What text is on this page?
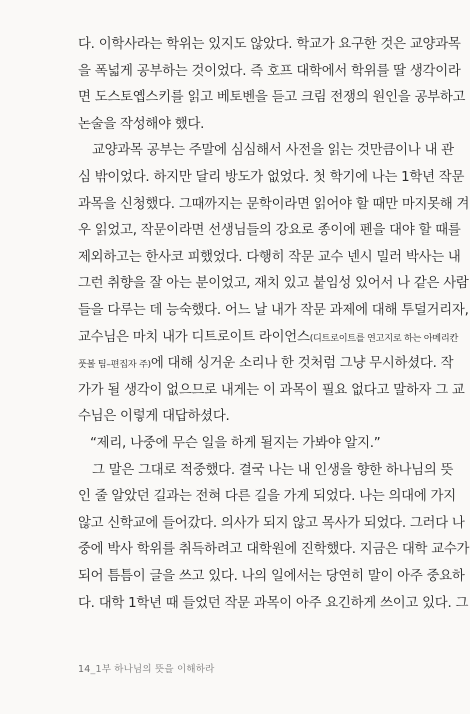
다. 이학사라는 학위는 있지도 않았다. 학교가 요구한 것은 교양과목
을 폭넓게 공부하는 것이었다. 즉 호프 대학에서 학위를 딸 생각이라
면 도스토옙스키를 읽고 베토벤을 듣고 크림 전쟁의 원인을 공부하고
논술을 작성해야 했다.
교양과목 공부는 주말에 심심해서 사전을 읽는 것만큼이나 내 관
심 밖이었다. 하지만 달리 방도가 없었다. 첫 학기에 나는 1학년 작문
과목을 신청했다. 그때까지는 문학이라면 읽어야 할 때만 마지못해 겨
우 읽었고, 작문이라면 선생님들의 강요로 종이에 펜을 대야 할 때를
제외하고는 한사코 피했었다. 다행히 작문 교수 넨시 밀러 박사는 내
그런 취향을 잘 아는 분이었고, 재치 있고 붙임성 있어서 나 같은 사람
들을 다루는 데 능숙했다. 어느 날 내가 작문 과제에 대해 투덜거리자,
교수님은 마치 내가 디트로이트 라이언스(디트로이트를 연고지로 하는 아메리칸
풋볼 팀–편집자 주)에 대해 싱거운 소리나 한 것처럼 그냥 무시하셨다. 작
가가 될 생각이 없으므로 내게는 이 과목이 필요 없다고 말하자 그 교
수님은 이렇게 대답하셨다.
“제리, 나중에 무슨 일을 하게 될지는 가봐야 알지.”
그 말은 그대로 적중했다. 결국 나는 내 인생을 향한 하나님의 뜻
인 줄 알았던 길과는 전혀 다른 길을 가게 되었다. 나는 의대에 가지
않고 신학교에 들어갔다. 의사가 되지 않고 목사가 되었다. 그러다 나
중에 박사 학위를 취득하려고 대학원에 진학했다. 지금은 대학 교수가
되어 틈틈이 글을 쓰고 있다. 나의 일에서는 당연히 말이 아주 중요하
다. 대학 1학년 때 들었던 작문 과목이 아주 요긴하게 쓰이고 있다. 그
14_1부 하나님의 뜻을 이해하라
